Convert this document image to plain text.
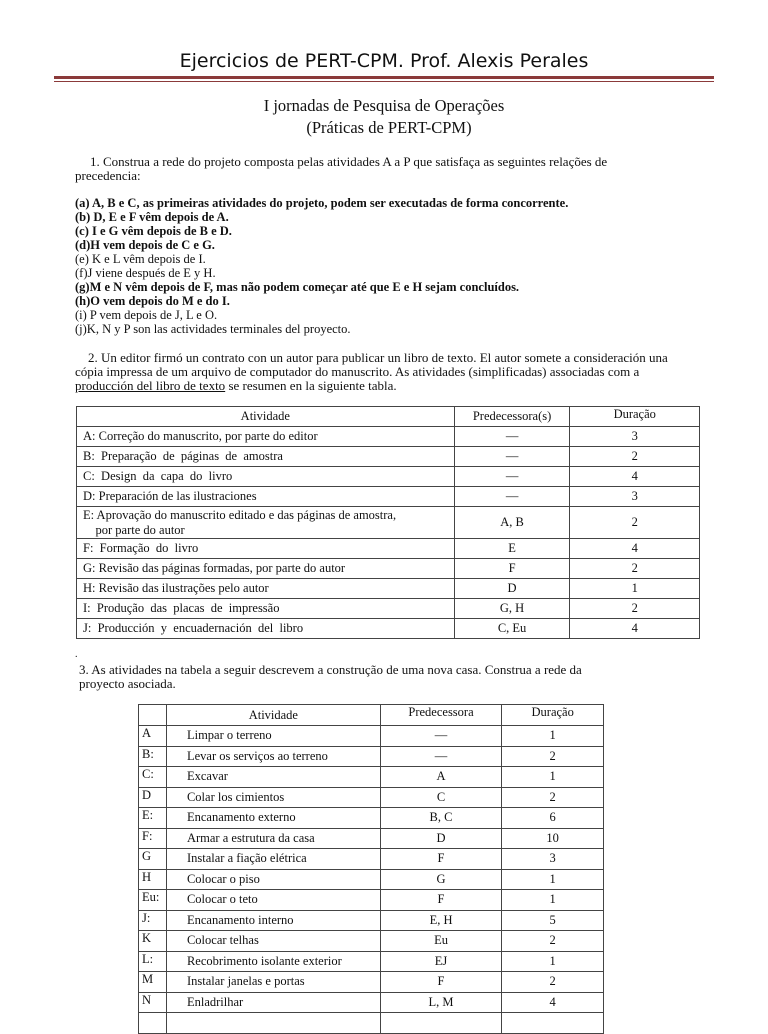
Ejercicios de PERT-CPM. Prof. Alexis Perales
I jornadas de Pesquisa de Operações
(Práticas de PERT-CPM)
1. Construa a rede do projeto composta pelas atividades A a P que satisfaça as seguintes relações de
precedencia:
(a) A, B e C, as primeiras atividades do projeto, podem ser executadas de forma concorrente.
(b) D, E e F vêm depois de A.
(c) I e G vêm depois de B e D.
(d)H vem depois de C e G.
(e) K e L vêm depois de I.
(f)J viene después de E y H.
(g)M e N vêm depois de F, mas não podem começar até que E e H sejam concluídos.
(h)O vem depois do M e do I.
(i) P vem depois de J, L e O.
(j)K, N y P son las actividades terminales del proyecto.
2. Un editor firmó un contrato con un autor para publicar un libro de texto. El autor somete a consideración una
cópia impressa de um arquivo de computador do manuscrito. As atividades (simplificadas) associadas com a
producción del libro de texto se resumen en la siguiente tabla.
Atividade	Predecessora(s)	Duração
A: Correção do manuscrito, por parte do editor	—	3
B:  Preparação  de  páginas  de  amostra	—	2
C:  Design  da  capa  do  livro	—	4
D: Preparación de las ilustraciones	—	3

E: Aprovação do manuscrito editado e das páginas de amostra,
por parte do autor	A, B	2
F:  Formação  do  livro	E	4
G: Revisão das páginas formadas, por parte do autor	F	2
H: Revisão das ilustrações pelo autor	D	1
I:  Produção  das  placas  de  impressão	G, H	2
J:  Producción  y  encuadernación  del  libro	C, Eu	4
.
3. As atividades na tabela a seguir descrevem a construção de uma nova casa. Construa a rede da
proyecto asociada.
	Atividade	Predecessora	Duração
A	Limpar o terreno	—	1
B:	Levar os serviços ao terreno	—	2
C:	Excavar	A	1
D	Colar los cimientos	C	2
E:	Encanamento externo	B, C	6
F:	Armar a estrutura da casa	D	10
G	Instalar a fiação elétrica	F	3
H	Colocar o piso	G	1
Eu:	Colocar o teto	F	1
J:	Encanamento interno	E, H	5
K	Colocar telhas	Eu	2
L:	Recobrimento isolante exterior	EJ	1
M	Instalar janelas e portas	F	2
N	Enladrilhar	L, M	4
